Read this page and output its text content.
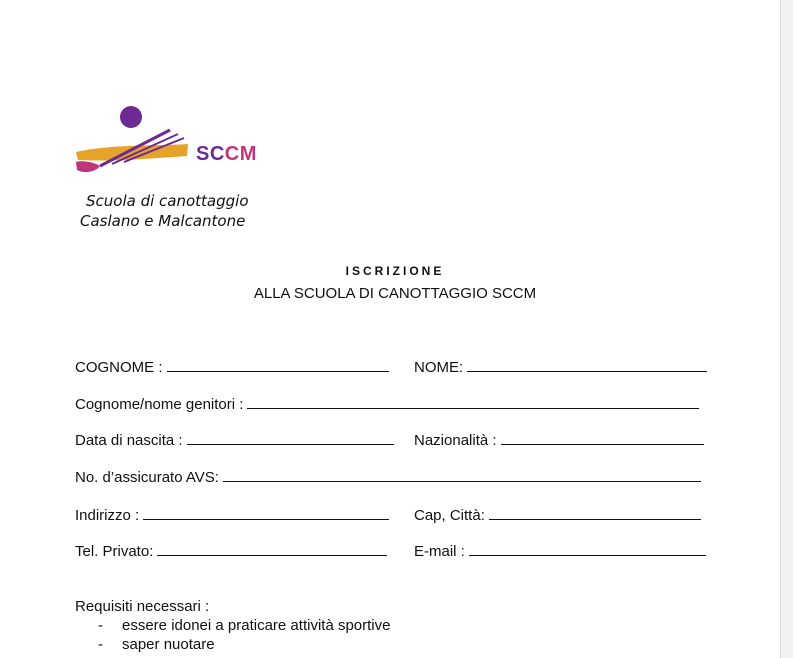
SCCM
Scuola di canottaggio
Caslano e Malcantone
ISCRIZIONE
ALLA SCUOLA DI CANOTTAGGIO SCCM
COGNOME :	NOME:
Cognome/nome genitori :
Data di nascita :	Nazionalità :
No. d’assicurato AVS:
Indirizzo :	Cap, Città:
Tel. Privato:	E-mail :
Requisiti necessari :
- essere idonei a praticare attività sportive
- saper nuotare
